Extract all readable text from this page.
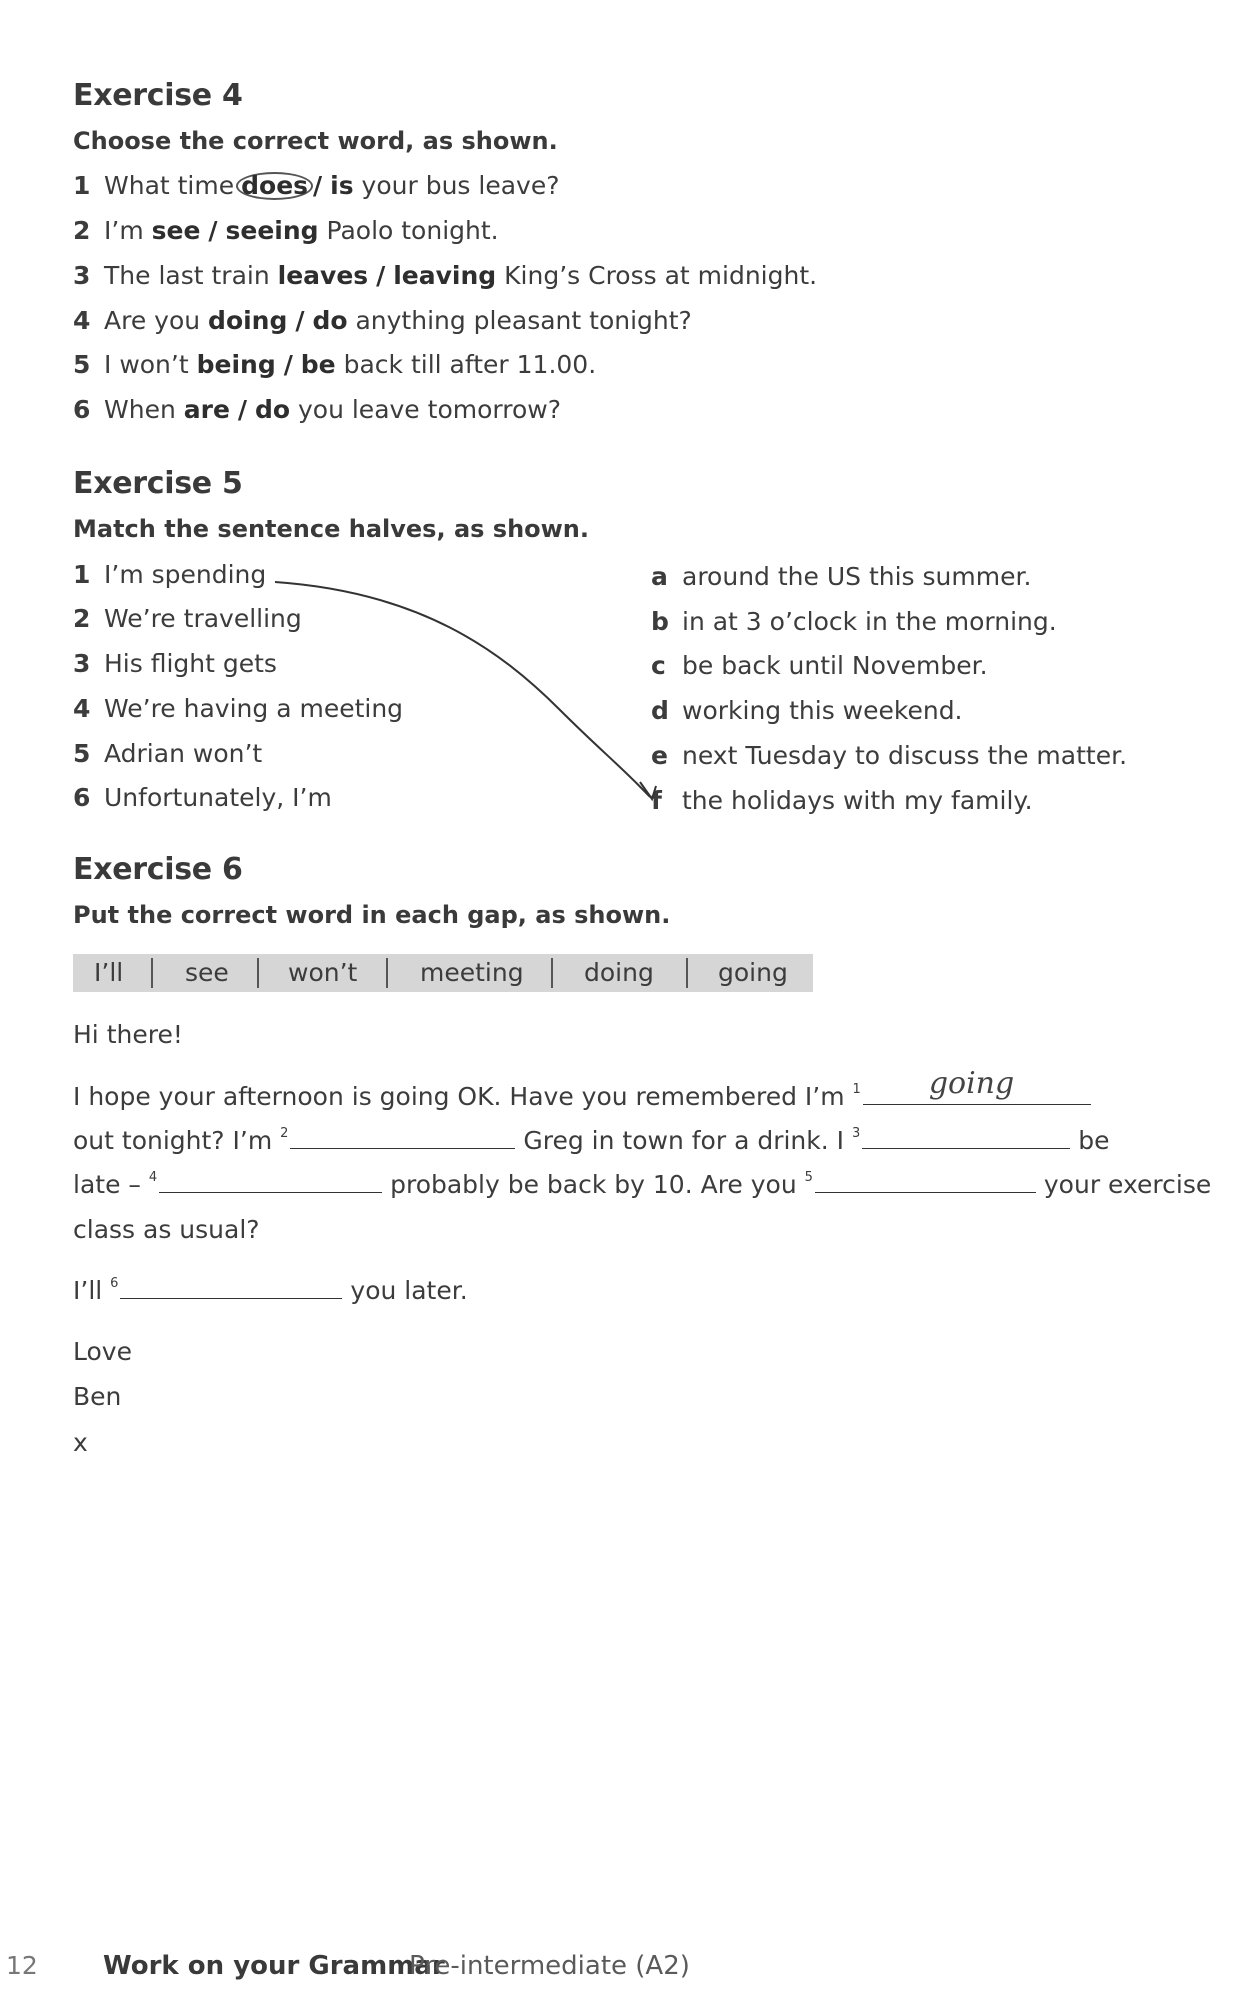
Exercise 4
Choose the correct word, as shown.
1 What time does / is your bus leave?
2 I’m see / seeing Paolo tonight.
3 The last train leaves / leaving King’s Cross at midnight.
4 Are you doing / do anything pleasant tonight?
5 I won’t being / be back till after 11.00.
6 When are / do you leave tomorrow?
Exercise 5
Match the sentence halves, as shown.
1 I’m spending
2 We’re travelling
3 His flight gets
4 We’re having a meeting
5 Adrian won’t
6 Unfortunately, I’m
a around the US this summer.
b in at 3 o’clock in the morning.
c be back until November.
d working this weekend.
e next Tuesday to discuss the matter.
f the holidays with my family.
Exercise 6
Put the correct word in each gap, as shown.
I’ll see won’t	meeting doing	going
Hi there!
I hope your afternoon is going OK. Have you remembered I’m $^1$ going
out tonight? I’m $^2$	Greg in town for a drink. I $^3$	be
late – $^4$	probably be back by 10. Are you $^5$	your exercise
class as usual?
I’ll $^6$	you later.
Love
Ben
x
12	Work on your Grammar
Pre-intermediate (A2)
